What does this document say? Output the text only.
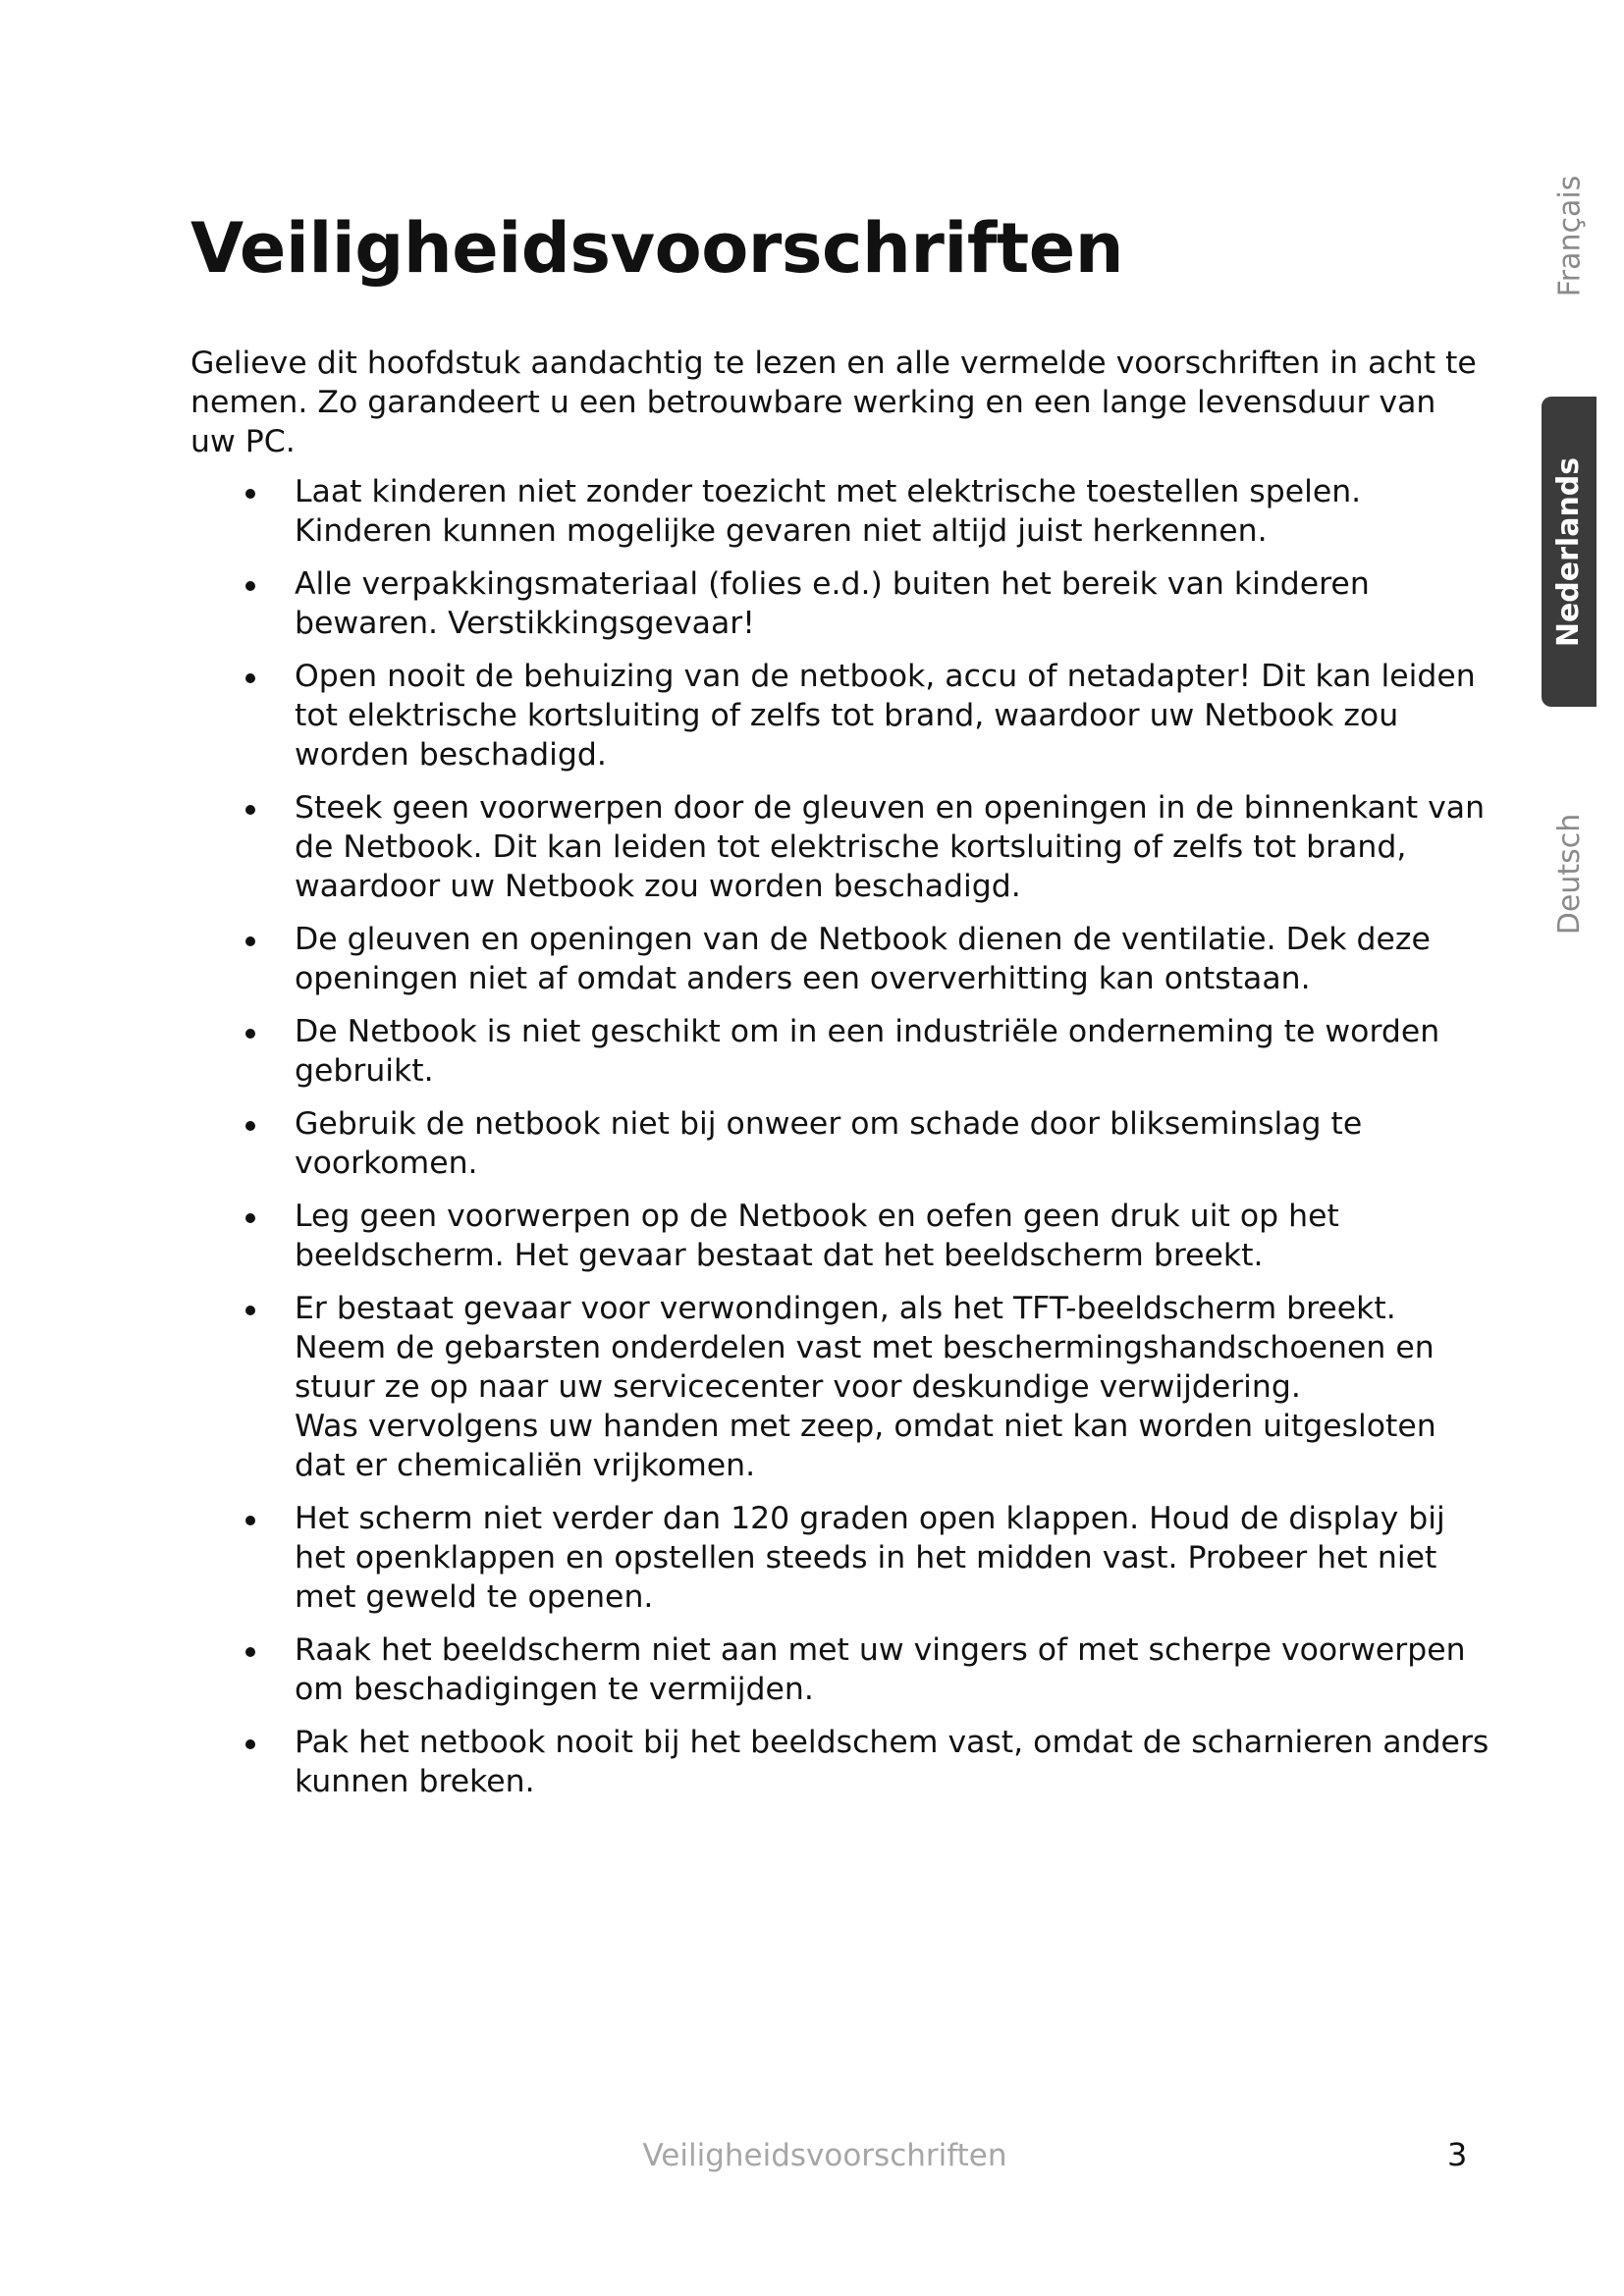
Veiligheidsvoorschriften

Gelieve dit hoofdstuk aandachtig te lezen en alle vermelde voorschriften in acht te nemen. Zo garandeert u een betrouwbare werking en een lange levensduur van uw PC.

Laat kinderen niet zonder toezicht met elektrische toestellen spelen. Kinderen kunnen mogelijke gevaren niet altijd juist herkennen.
Alle verpakkingsmateriaal (folies e.d.) buiten het bereik van kinderen bewaren. Verstikkingsgevaar!
Open nooit de behuizing van de netbook, accu of netadapter! Dit kan leiden tot elektrische kortsluiting of zelfs tot brand, waardoor uw Netbook zou worden beschadigd.
Steek geen voorwerpen door de gleuven en openingen in de binnenkant van de Netbook. Dit kan leiden tot elektrische kortsluiting of zelfs tot brand, waardoor uw Netbook zou worden beschadigd.
De gleuven en openingen van de Netbook dienen de ventilatie. Dek deze openingen niet af omdat anders een oververhitting kan ontstaan.
De Netbook is niet geschikt om in een industriële onderneming te worden gebruikt.
Gebruik de netbook niet bij onweer om schade door blikseminslag te voorkomen.
Leg geen voorwerpen op de Netbook en oefen geen druk uit op het beeldscherm. Het gevaar bestaat dat het beeldscherm breekt.
Er bestaat gevaar voor verwondingen, als het TFT-beeldscherm breekt. Neem de gebarsten onderdelen vast met beschermingshandschoenen en stuur ze op naar uw servicecenter voor deskundige verwijdering.
Was vervolgens uw handen met zeep, omdat niet kan worden uitgesloten dat er chemicaliën vrijkomen.
Het scherm niet verder dan 120 graden open klappen. Houd de display bij het openklappen en opstellen steeds in het midden vast. Probeer het niet met geweld te openen.
Raak het beeldscherm niet aan met uw vingers of met scherpe voorwerpen om beschadigingen te vermijden.
Pak het netbook nooit bij het beeldschem vast, omdat de scharnieren anders kunnen breken.
Français
Nederlands
Deutsch
Veiligheidsvoorschriften	3
